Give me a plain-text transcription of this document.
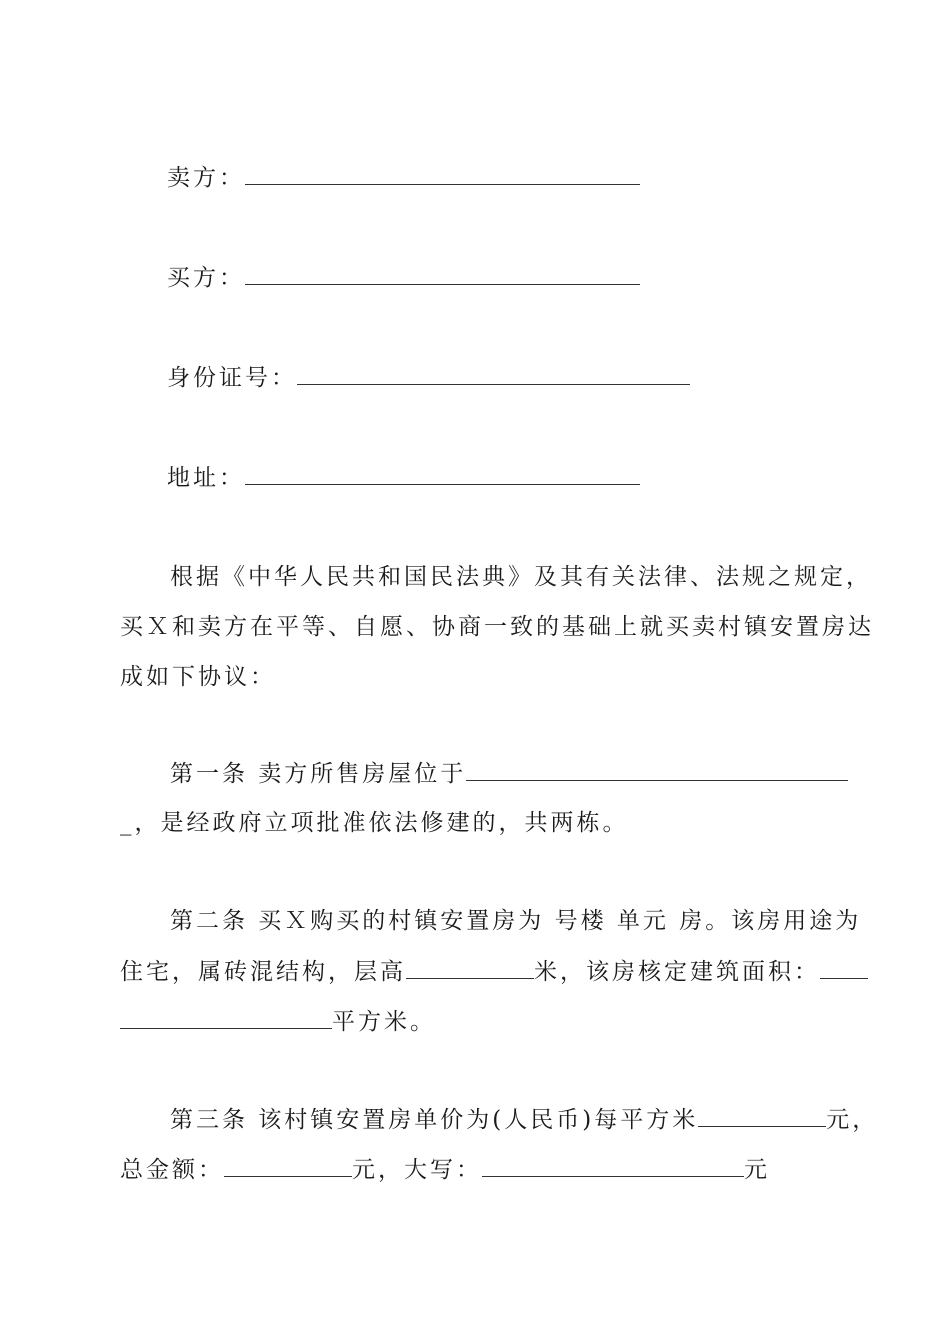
卖方：
买方：
身份证号：
地址：
根据《中华人民共和国民法典》及其有关法律、法规之规定，
买Ｘ和卖方在平等、自愿、协商一致的基础上就买卖村镇安置房达
成如下协议：
第一条 卖方所售房屋位于
_，是经政府立项批准依法修建的，共两栋。
第二条 买Ｘ购买的村镇安置房为 号楼 单元 房。该房用途为
住宅，属砖混结构，层高	米，该房核定建筑面积：
平方米。
第三条 该村镇安置房单价为(人民币)每平方米	元，
总金额：	元，大写：	元
